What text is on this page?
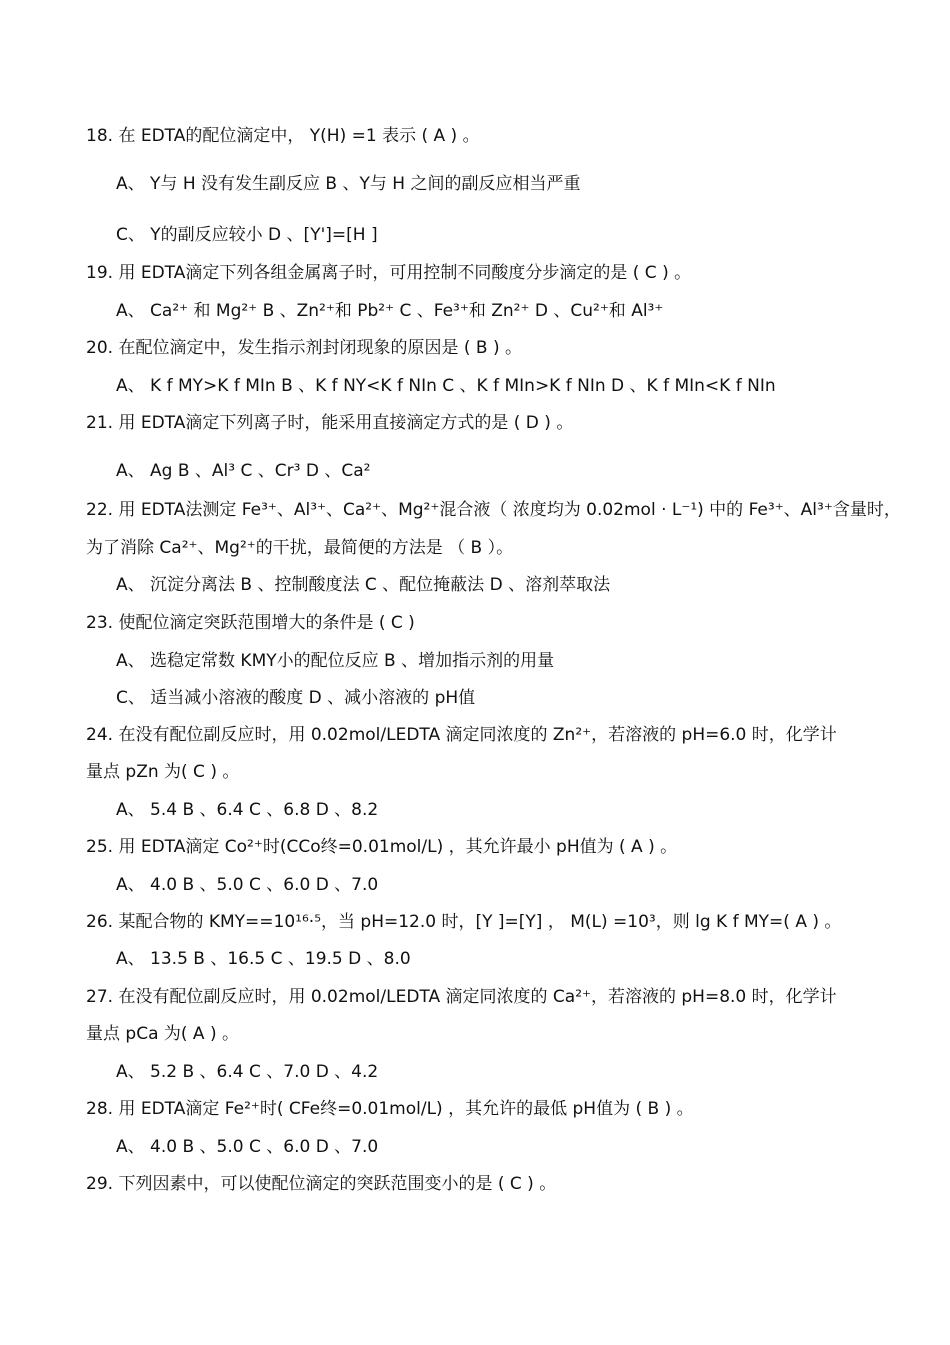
18. 在 EDTA的配位滴定中， Y(H) =1 表示 ( A ) 。
A、 Y与 H 没有发生副反应 B 、Y与 H 之间的副反应相当严重
C、 Y的副反应较小 D 、[Y']=[H ]
19. 用 EDTA滴定下列各组金属离子时，可用控制不同酸度分步滴定的是 ( C ) 。
A、 Ca²⁺ 和 Mg²⁺ B 、Zn²⁺和 Pb²⁺ C 、Fe³⁺和 Zn²⁺ D 、Cu²⁺和 Al³⁺
20. 在配位滴定中，发生指示剂封闭现象的原因是 ( B ) 。
A、 K f MY>K f MIn B 、K f NY<K f NIn C 、K f MIn>K f NIn D 、K f MIn<K f NIn
21. 用 EDTA滴定下列离子时，能采用直接滴定方式的是 ( D ) 。
A、 Ag B 、Al³ C 、Cr³ D 、Ca²
22. 用 EDTA法测定 Fe³⁺、Al³⁺、Ca²⁺、Mg²⁺混合液（ 浓度均为 0.02mol · L⁻¹) 中的 Fe³⁺、Al³⁺含量时，
为了消除 Ca²⁺、Mg²⁺的干扰，最简便的方法是 （ B ）。
A、 沉淀分离法 B 、控制酸度法 C 、配位掩蔽法 D 、溶剂萃取法
23. 使配位滴定突跃范围增大的条件是 ( C )
A、 选稳定常数 KMY小的配位反应 B 、增加指示剂的用量
C、 适当减小溶液的酸度 D 、减小溶液的 pH值
24. 在没有配位副反应时，用 0.02mol/LEDTA 滴定同浓度的 Zn²⁺，若溶液的 pH=6.0 时，化学计
量点 pZn 为( C ) 。
A、 5.4 B 、6.4 C 、6.8 D 、8.2
25. 用 EDTA滴定 Co²⁺时(CCo终=0.01mol/L) ，其允许最小 pH值为 ( A ) 。
A、 4.0 B 、5.0 C 、6.0 D 、7.0
26. 某配合物的 KMY==10¹⁶·⁵，当 pH=12.0 时，[Y ]=[Y] ， M(L) =10³，则 lg K f MY=( A ) 。
A、 13.5 B 、16.5 C 、19.5 D 、8.0
27. 在没有配位副反应时，用 0.02mol/LEDTA 滴定同浓度的 Ca²⁺，若溶液的 pH=8.0 时，化学计
量点 pCa 为( A ) 。
A、 5.2 B 、6.4 C 、7.0 D 、4.2
28. 用 EDTA滴定 Fe²⁺时( CFe终=0.01mol/L) ，其允许的最低 pH值为 ( B ) 。
A、 4.0 B 、5.0 C 、6.0 D 、7.0
29. 下列因素中，可以使配位滴定的突跃范围变小的是 ( C ) 。
